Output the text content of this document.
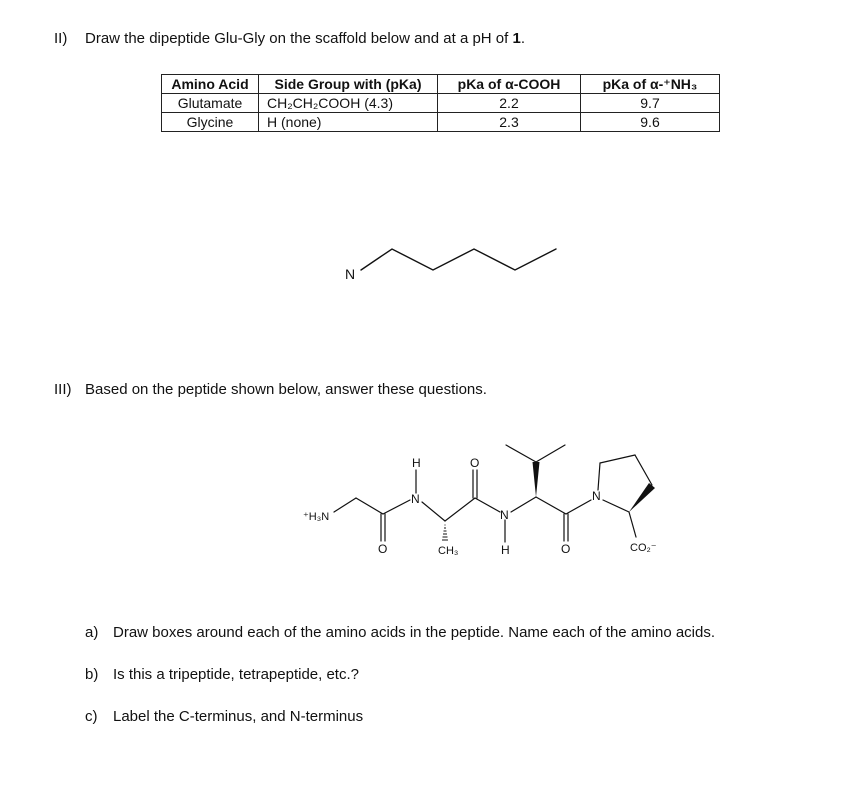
II) Draw the dipeptide Glu-Gly on the scaffold below and at a pH of 1.
Amino Acid	Side Group with (pKa)	pKa of α-COOH	pKa of α-⁺NH₃
Glutamate	CH₂CH₂COOH (4.3)	2.2	9.7
Glycine	H (none)	2.3	9.6
N
III) Based on the peptide shown below, answer these questions.
⁺H₃N
O
N
H
CH₃
O
N
H	O
N
CO₂⁻
a) Draw boxes around each of the amino acids in the peptide. Name each of the amino acids.
b) Is this a tripeptide, tetrapeptide, etc.?
c) Label the C-terminus, and N-terminus
